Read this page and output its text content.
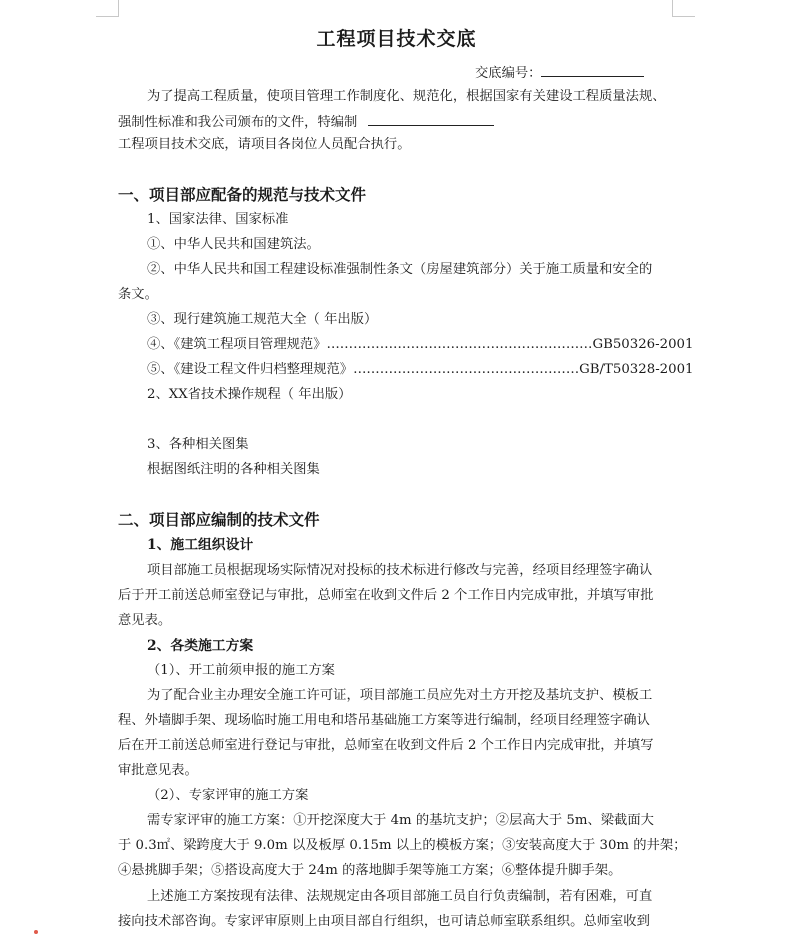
工程项目技术交底
交底编号：
为了提高工程质量，使项目管理工作制度化、规范化，根据国家有关建设工程质量法规、
强制性标准和我公司颁布的文件，特编制
工程项目技术交底，请项目各岗位人员配合执行。
一、项目部应配备的规范与技术文件
1、国家法律、国家标准
①、中华人民共和国建筑法。
②、中华人民共和国工程建设标准强制性条文（房屋建筑部分）关于施工质量和安全的
条文。
③、现行建筑施工规范大全（ 年出版）
④、《建筑工程项目管理规范》……………………………………………………GB50326-2001
⑤、《建设工程文件归档整理规范》……………………………………………GB/T50328-2001
2、XX省技术操作规程（ 年出版）
3、各种相关图集
根据图纸注明的各种相关图集
二、项目部应编制的技术文件
1、施工组织设计
项目部施工员根据现场实际情况对投标的技术标进行修改与完善，经项目经理签字确认
后于开工前送总师室登记与审批，总师室在收到文件后 2 个工作日内完成审批，并填写审批
意见表。
2、各类施工方案
（1）、开工前须申报的施工方案
为了配合业主办理安全施工许可证，项目部施工员应先对土方开挖及基坑支护、模板工
程、外墙脚手架、现场临时施工用电和塔吊基础施工方案等进行编制，经项目经理签字确认
后在开工前送总师室进行登记与审批，总师室在收到文件后 2 个工作日内完成审批，并填写
审批意见表。
（2）、专家评审的施工方案
需专家评审的施工方案：①开挖深度大于 4m 的基坑支护；②层高大于 5m、梁截面大
于 0.3㎡、梁跨度大于 9.0m 以及板厚 0.15m 以上的模板方案；③安装高度大于 30m 的井架；
④悬挑脚手架；⑤搭设高度大于 24m 的落地脚手架等施工方案；⑥整体提升脚手架。
上述施工方案按现有法律、法规规定由各项目部施工员自行负责编制，若有困难，可直
接向技术部咨询。专家评审原则上由项目部自行组织，也可请总师室联系组织。总师室收到
